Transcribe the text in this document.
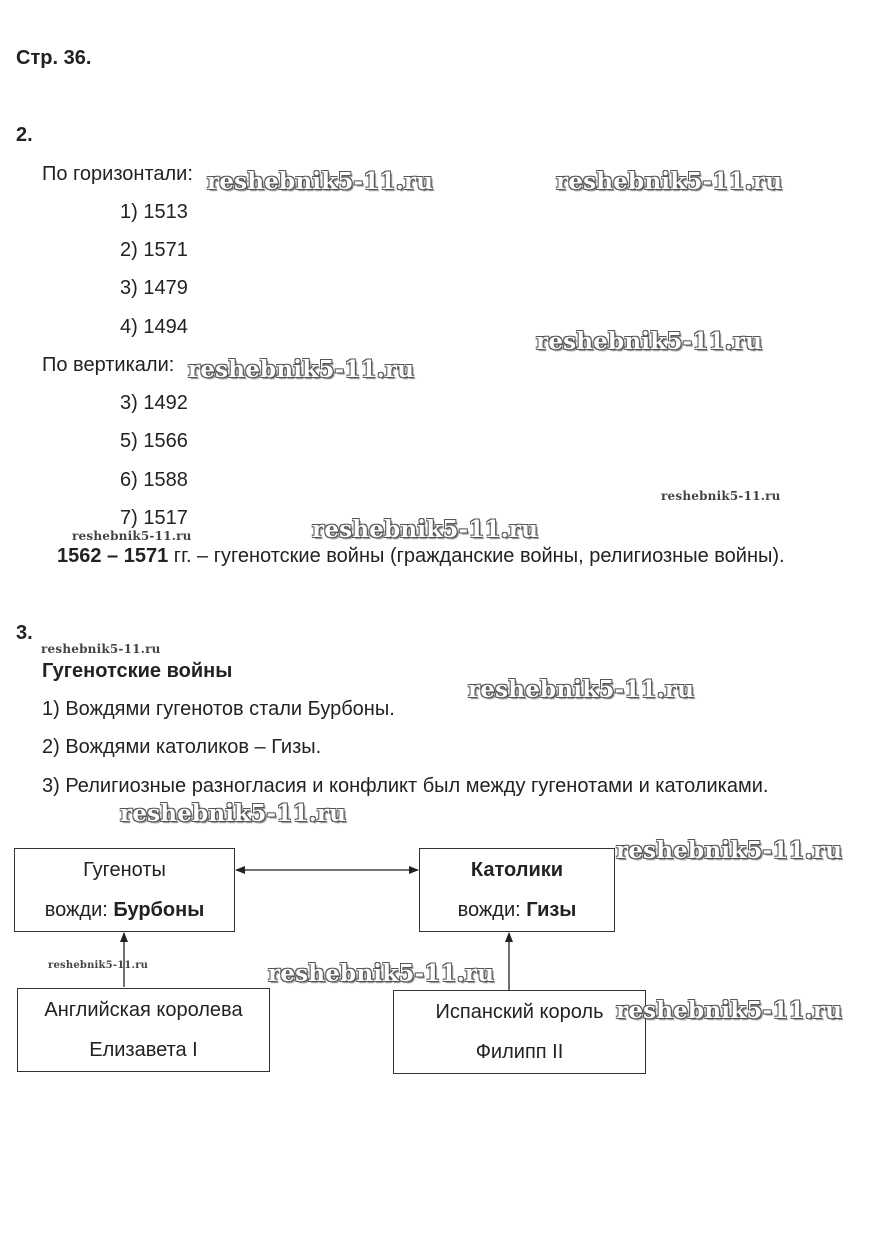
Стр. 36.
2.
По горизонтали:
1) 1513
2) 1571
3) 1479
4) 1494
По вертикали:
3) 1492
5) 1566
6) 1588
7) 1517
1562 – 1571 гг. – гугенотские войны (гражданские войны, религиозные войны).
3.
Гугенотские войны
1) Вождями гугенотов стали Бурбоны.
2) Вождями католиков – Гизы.
3) Религиозные разногласия и конфликт был между гугенотами и католиками.
Гугеноты
вожди: Бурбоны
Католики
вожди: Гизы
Английская королева
Елизавета I
Испанский король
Филипп II
reshebnik5-11.ru	reshebnik5-11.ru
reshebnik5-11.ru
reshebnik5-11.ru
reshebnik5-11.ru
reshebnik5-11.ru
reshebnik5-11.ru
reshebnik5-11.ru
reshebnik5-11.ru
reshebnik5-11.ru
reshebnik5-11.ru
reshebnik5-11.ru	reshebnik5-11.ru
reshebnik5-11.ru
